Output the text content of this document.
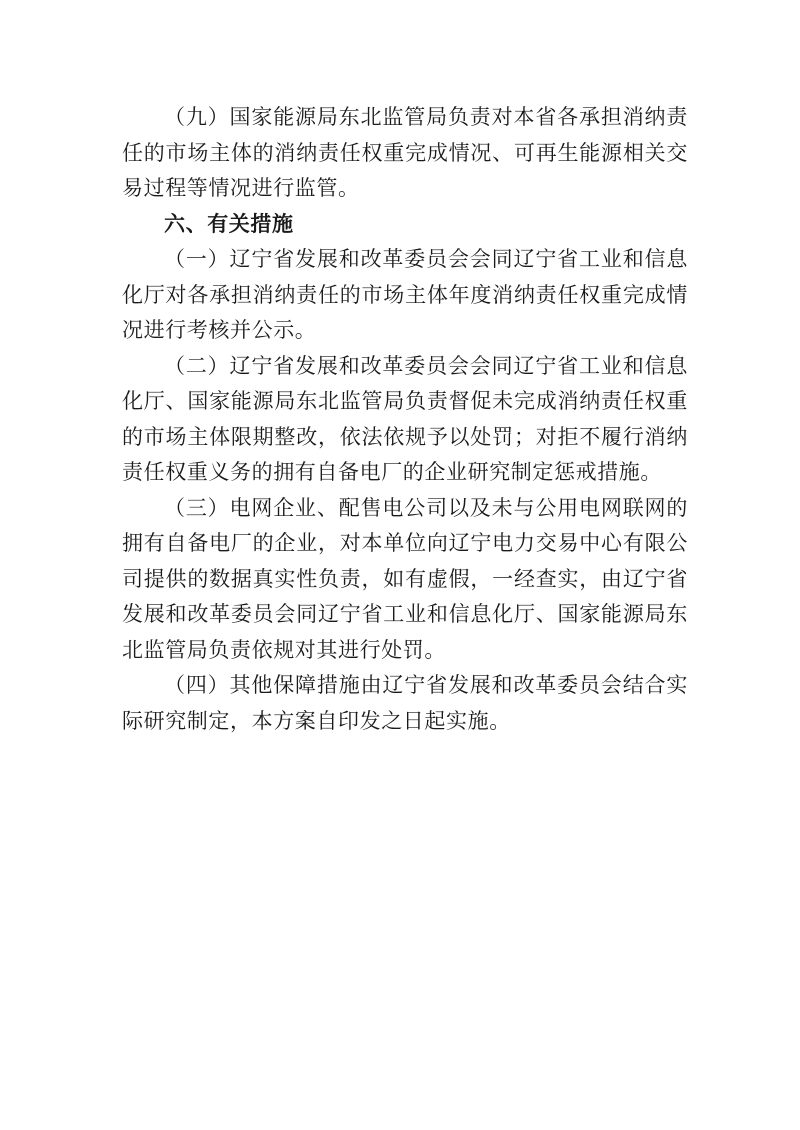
（九）国家能源局东北监管局负责对本省各承担消纳责任的市场主体的消纳责任权重完成情况、可再生能源相关交易过程等情况进行监管。

六、有关措施

（一）辽宁省发展和改革委员会会同辽宁省工业和信息化厅对各承担消纳责任的市场主体年度消纳责任权重完成情况进行考核并公示。

（二）辽宁省发展和改革委员会会同辽宁省工业和信息化厅、国家能源局东北监管局负责督促未完成消纳责任权重的市场主体限期整改，依法依规予以处罚；对拒不履行消纳责任权重义务的拥有自备电厂的企业研究制定惩戒措施。

（三）电网企业、配售电公司以及未与公用电网联网的拥有自备电厂的企业，对本单位向辽宁电力交易中心有限公司提供的数据真实性负责，如有虚假，一经查实，由辽宁省发展和改革委员会同辽宁省工业和信息化厅、国家能源局东北监管局负责依规对其进行处罚。

（四）其他保障措施由辽宁省发展和改革委员会结合实际研究制定，本方案自印发之日起实施。
